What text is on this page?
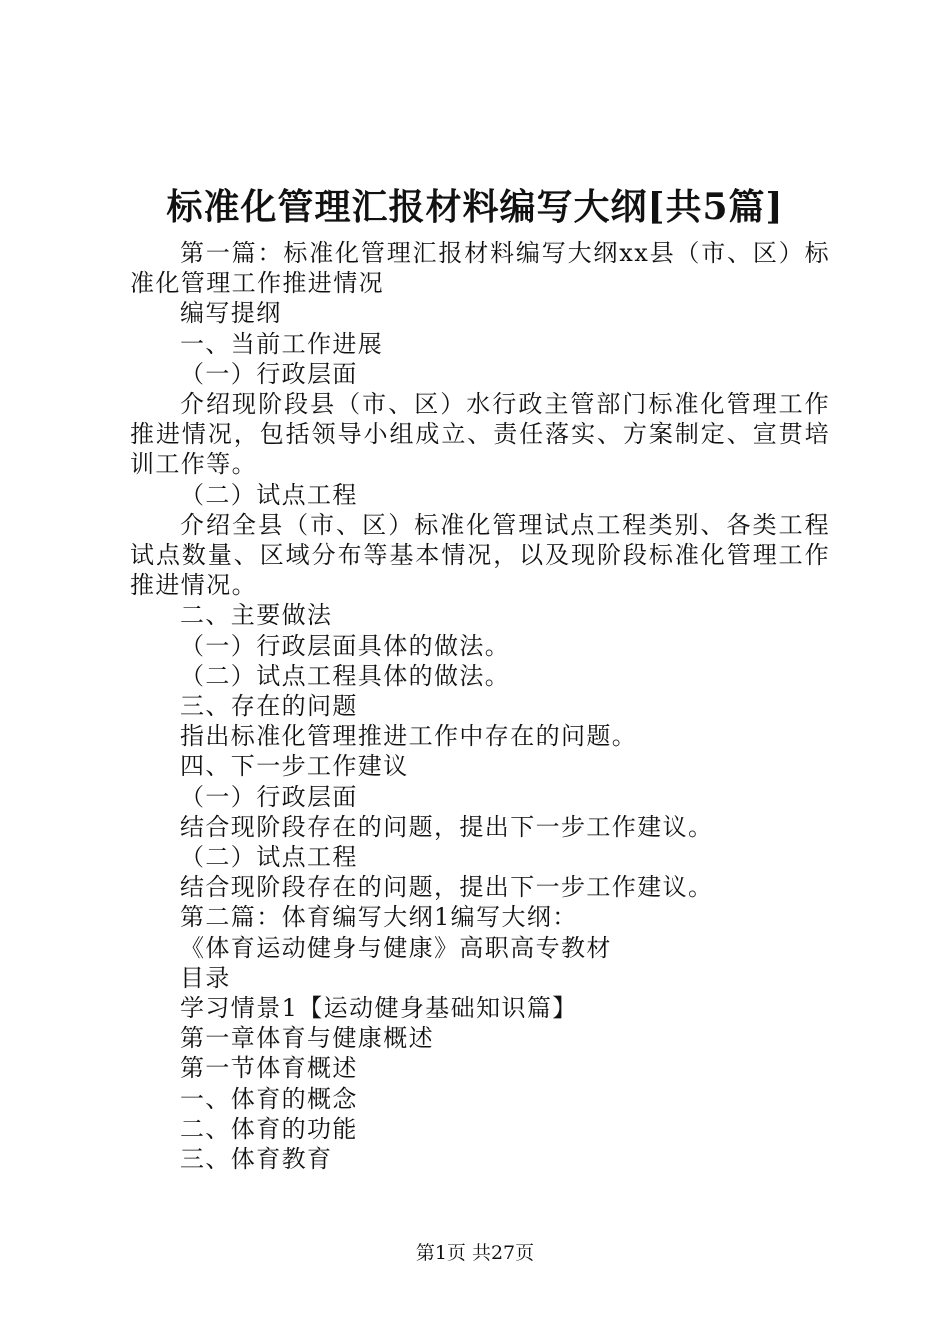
标准化管理汇报材料编写大纲[共5篇]

第一篇：标准化管理汇报材料编写大纲xx县（市、区）标准化管理工作推进情况

编写提纲

一、当前工作进展

（一）行政层面

介绍现阶段县（市、区）水行政主管部门标准化管理工作推进情况，包括领导小组成立、责任落实、方案制定、宣贯培训工作等。

（二）试点工程

介绍全县（市、区）标准化管理试点工程类别、各类工程试点数量、区域分布等基本情况，以及现阶段标准化管理工作推进情况。

二、主要做法

（一）行政层面具体的做法。

（二）试点工程具体的做法。

三、存在的问题

指出标准化管理推进工作中存在的问题。

四、下一步工作建议

（一）行政层面

结合现阶段存在的问题，提出下一步工作建议。

（二）试点工程

结合现阶段存在的问题，提出下一步工作建议。

第二篇：体育编写大纲1编写大纲：

《体育运动健身与健康》高职高专教材

目录

学习情景1【运动健身基础知识篇】

第一章体育与健康概述

第一节体育概述

一、体育的概念

二、体育的功能

三、体育教育

第1页 共27页
